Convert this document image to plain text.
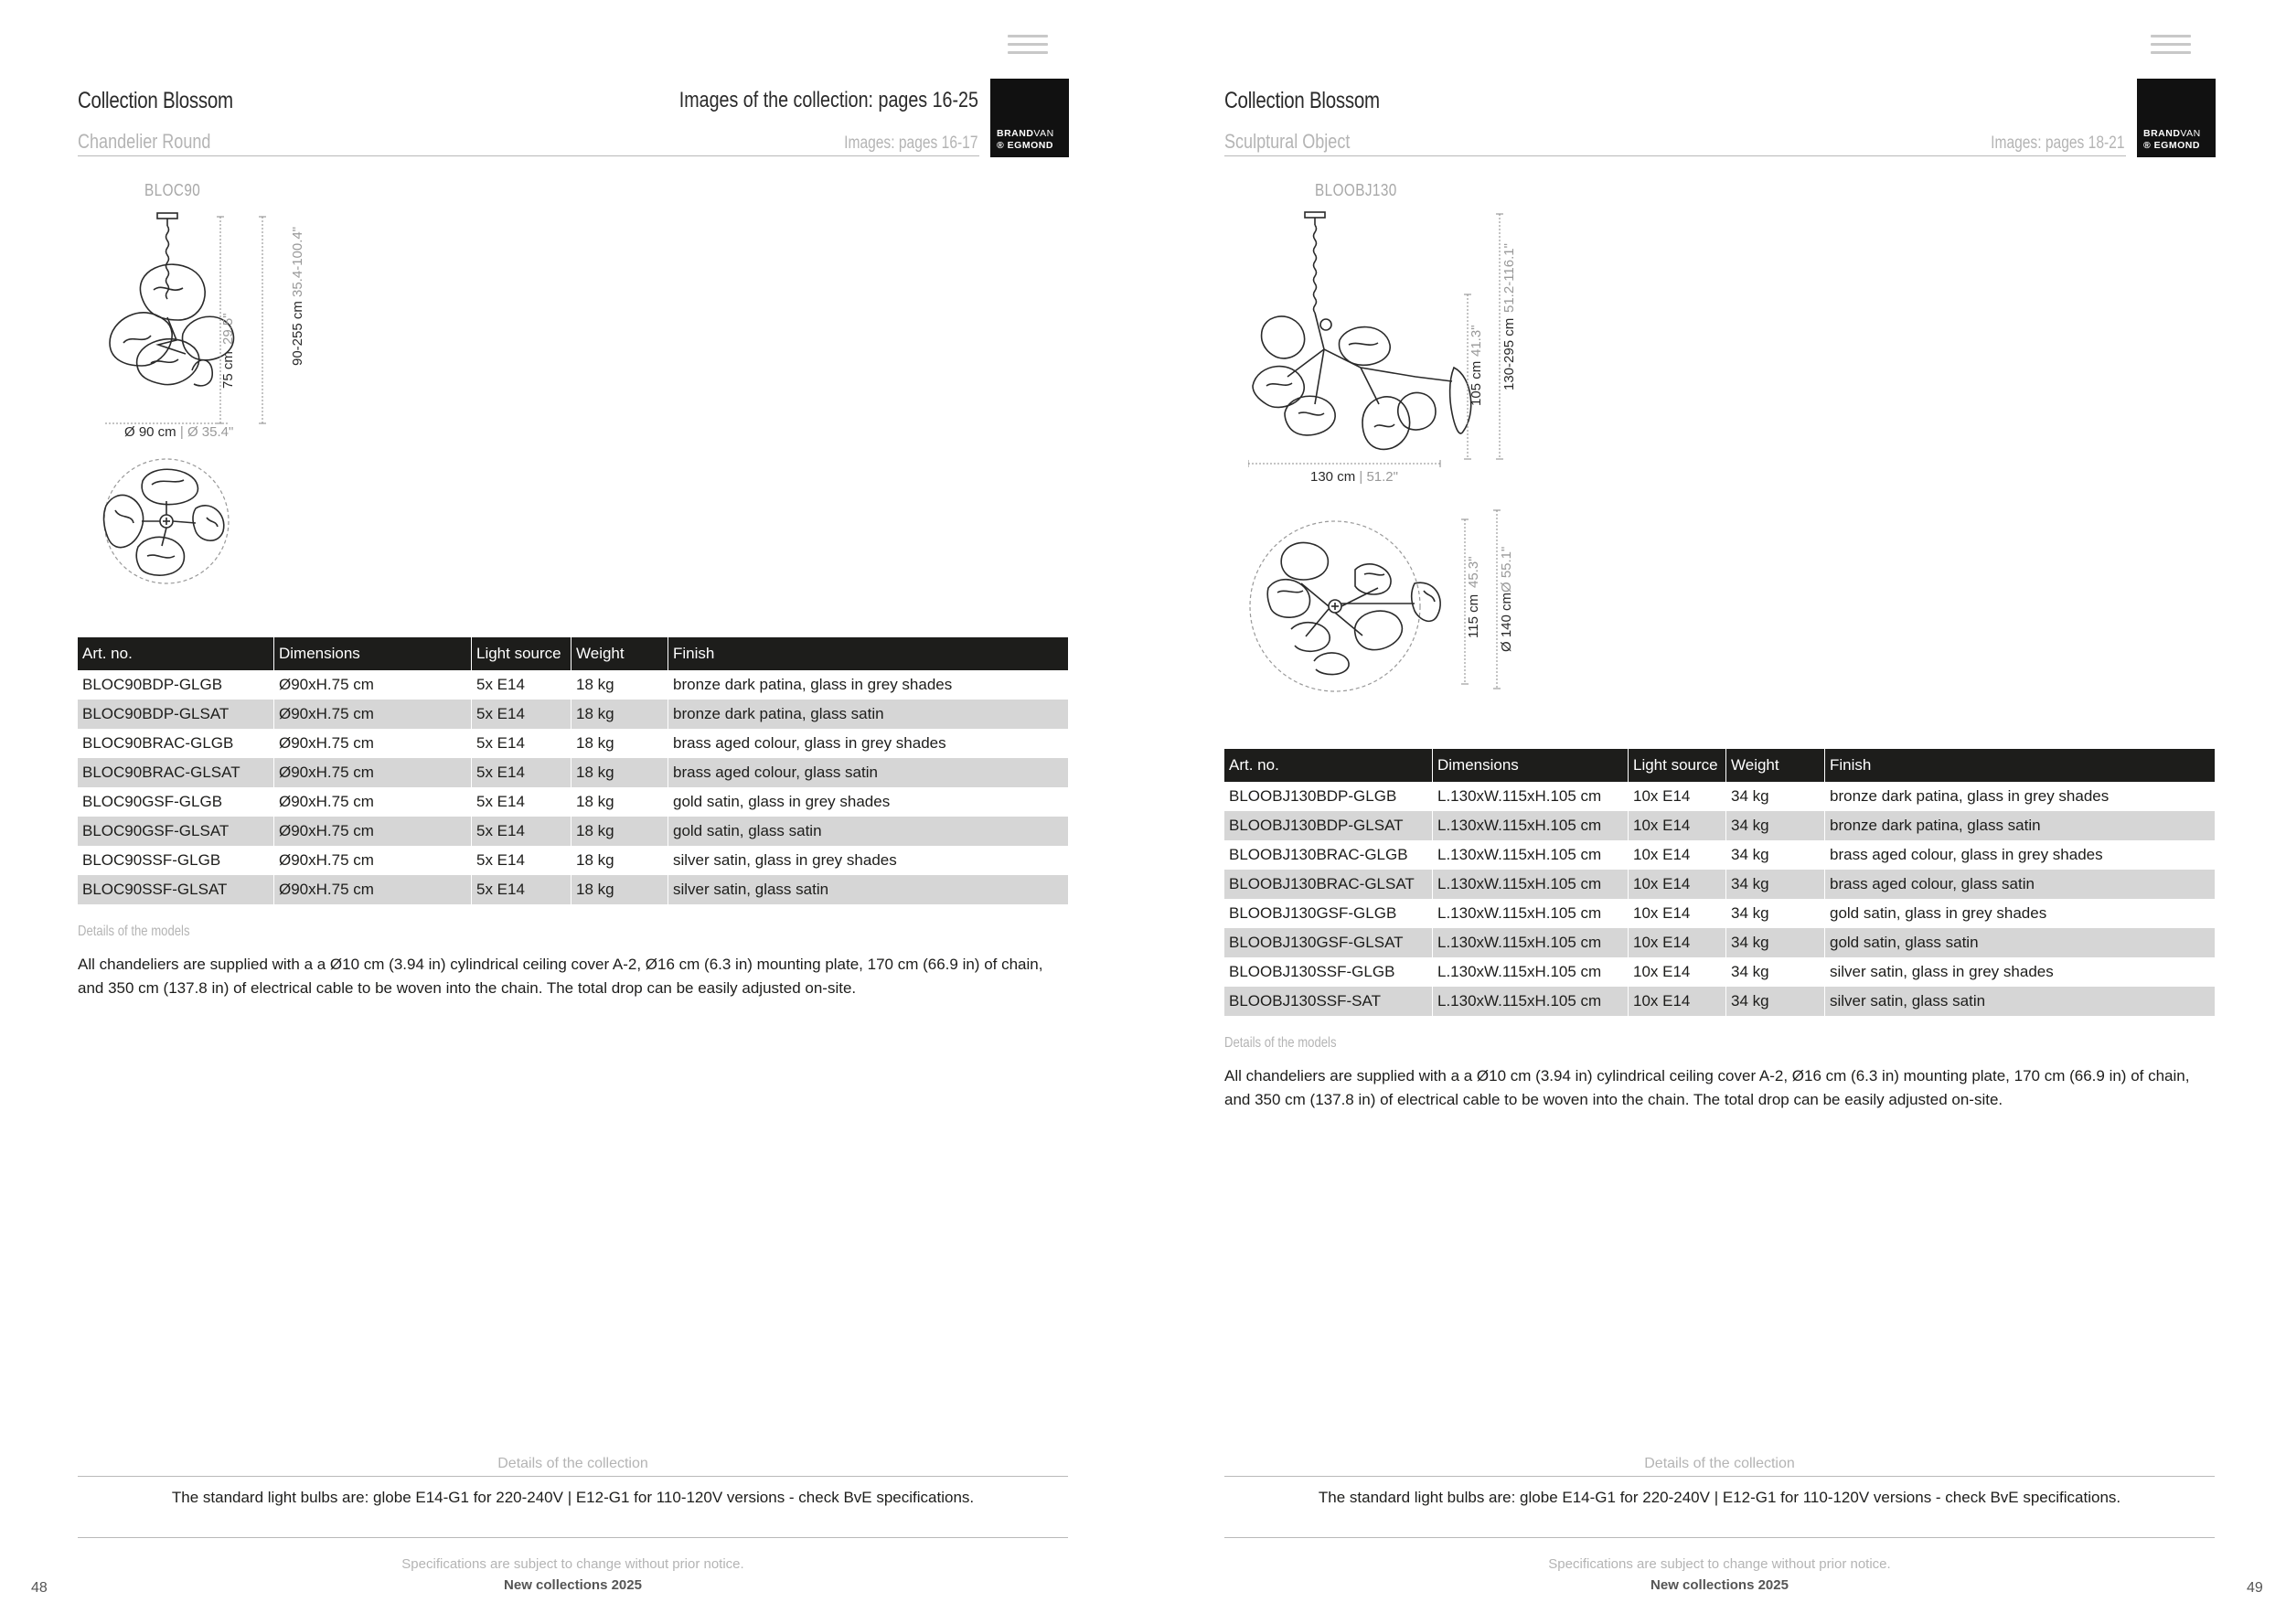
Collection Blossom	Images of the collection: pages 16-25
Chandelier Round	Images: pages 16-17 BRANDVAN
® EGMOND
BLOC90
75 cm
29.5"	90-255 cm
35.4-100.4"
Ø 90 cm | Ø 35.4"
Art. no.	Dimensions	Light source	Weight	Finish
BLOC90BDP-GLGB	Ø90xH.75 cm	5x E14	18 kg	bronze dark patina, glass in grey shades
BLOC90BDP-GLSAT	Ø90xH.75 cm	5x E14	18 kg	bronze dark patina, glass satin
BLOC90BRAC-GLGB	Ø90xH.75 cm	5x E14	18 kg	brass aged colour, glass in grey shades
BLOC90BRAC-GLSAT	Ø90xH.75 cm	5x E14	18 kg	brass aged colour, glass satin
BLOC90GSF-GLGB	Ø90xH.75 cm	5x E14	18 kg	gold satin, glass in grey shades
BLOC90GSF-GLSAT	Ø90xH.75 cm	5x E14	18 kg	gold satin, glass satin
BLOC90SSF-GLGB	Ø90xH.75 cm	5x E14	18 kg	silver satin, glass in grey shades
BLOC90SSF-GLSAT	Ø90xH.75 cm	5x E14	18 kg	silver satin, glass satin
Details of the models
All chandeliers are supplied with a a Ø10 cm (3.94 in) cylindrical ceiling cover A-2, Ø16 cm (6.3 in) mounting plate, 170 cm (66.9 in) of chain, and 350 cm (137.8 in) of electrical cable to be woven into the chain. The total drop can be easily adjusted on-site.
Details of the collection
The standard light bulbs are: globe E14-G1 for 220-240V | E12-G1 for 110-120V versions - check BvE specifications.
Specifications are subject to change without prior notice.
New collections 2025
48
Collection Blossom
Sculptural Object	Images: pages 18-21 BRANDVAN
® EGMOND
BLOOBJ130
105 cm
41.3" 130-295 cm
51.2-116.1"
130 cm | 51.2"
115 cm
45.3"
Ø 140 cm
Ø 55.1"
Art. no.	Dimensions	Light source	Weight	Finish
BLOOBJ130BDP-GLGB	L.130xW.115xH.105 cm	10x E14	34 kg	bronze dark patina, glass in grey shades
BLOOBJ130BDP-GLSAT	L.130xW.115xH.105 cm	10x E14	34 kg	bronze dark patina, glass satin
BLOOBJ130BRAC-GLGB	L.130xW.115xH.105 cm	10x E14	34 kg	brass aged colour, glass in grey shades
BLOOBJ130BRAC-GLSAT	L.130xW.115xH.105 cm	10x E14	34 kg	brass aged colour, glass satin
BLOOBJ130GSF-GLGB	L.130xW.115xH.105 cm	10x E14	34 kg	gold satin, glass in grey shades
BLOOBJ130GSF-GLSAT	L.130xW.115xH.105 cm	10x E14	34 kg	gold satin, glass satin
BLOOBJ130SSF-GLGB	L.130xW.115xH.105 cm	10x E14	34 kg	silver satin, glass in grey shades
BLOOBJ130SSF-SAT	L.130xW.115xH.105 cm	10x E14	34 kg	silver satin, glass satin
Details of the models
All chandeliers are supplied with a a Ø10 cm (3.94 in) cylindrical ceiling cover A-2, Ø16 cm (6.3 in) mounting plate, 170 cm (66.9 in) of chain, and 350 cm (137.8 in) of electrical cable to be woven into the chain. The total drop can be easily adjusted on-site.
Details of the collection
The standard light bulbs are: globe E14-G1 for 220-240V | E12-G1 for 110-120V versions - check BvE specifications.
Specifications are subject to change without prior notice.
New collections 2025	49
